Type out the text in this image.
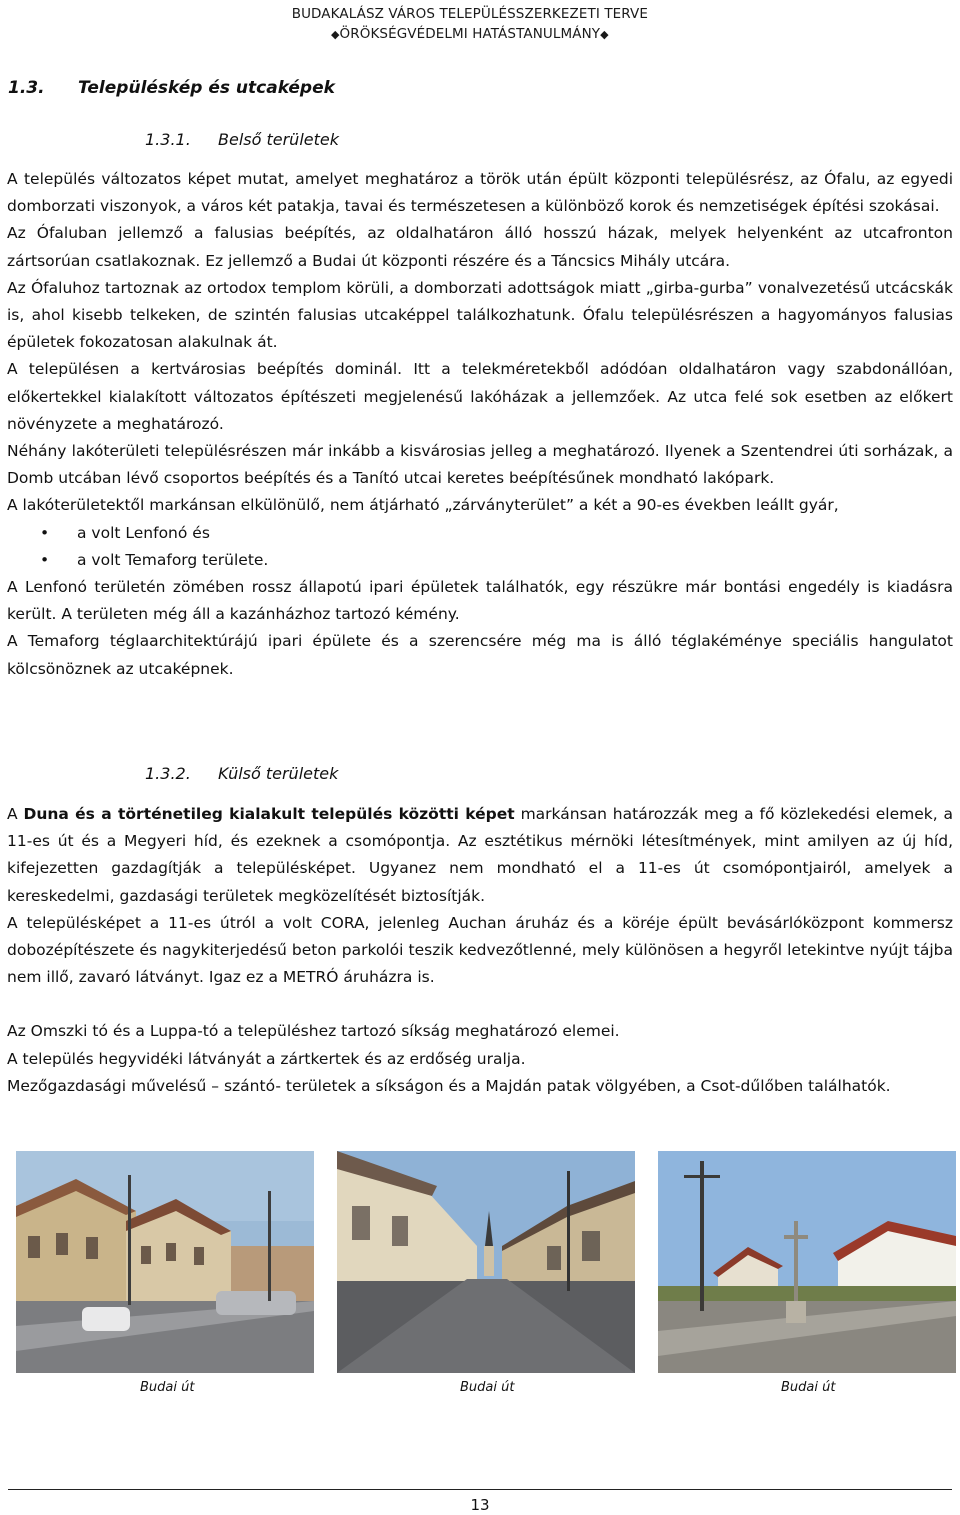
BUDAKALÁSZ VÁROS TELEPÜLÉSSZERKEZETI TERVE
◆ÖRÖKSÉGVÉDELMI HATÁSTANULMÁNY◆
1.3. Településkép és utcaképek
1.3.1. Belső területek

A település változatos képet mutat, amelyet meghatároz a török után épült központi településrész, az Ófalu, az egyedi domborzati viszonyok, a város két patakja, tavai és természetesen a különböző korok és nemzetiségek építési szokásai.

Az Ófaluban jellemző a falusias beépítés, az oldalhatáron álló hosszú házak, melyek helyenként az utcafronton zártsorúan csatlakoznak. Ez jellemző a Budai út központi részére és a Táncsics Mihály utcára.

Az Ófaluhoz tartoznak az ortodox templom körüli, a domborzati adottságok miatt „girba-gurba” vonalvezetésű utcácskák is, ahol kisebb telkeken, de szintén falusias utcaképpel találkozhatunk. Ófalu településrészen a hagyományos falusias épületek fokozatosan alakulnak át.

A településen a kertvárosias beépítés dominál. Itt a telekméretekből adódóan oldalhatáron vagy szabdonállóan, előkertekkel kialakított változatos építészeti megjelenésű lakóházak a jellemzőek. Az utca felé sok esetben az előkert növényzete a meghatározó.

Néhány lakóterületi településrészen már inkább a kisvárosias jelleg a meghatározó. Ilyenek a Szentendrei úti sorházak, a Domb utcában lévő csoportos beépítés és a Tanító utcai keretes beépítésűnek mondható lakópark.

A lakóterületektől markánsan elkülönülő, nem átjárható „zárványterület” a két a 90-es években leállt gyár,

• a volt Lenfonó és
• a volt Temaforg területe.

A Lenfonó területén zömében rossz állapotú ipari épületek találhatók, egy részükre már bontási engedély is kiadásra került. A területen még áll a kazánházhoz tartozó kémény.

A Temaforg téglaarchitektúrájú ipari épülete és a szerencsére még ma is álló téglakéménye speciális hangulatot kölcsönöznek az utcaképnek.

1.3.2. Külső területek

A Duna és a történetileg kialakult település közötti képet markánsan határozzák meg a fő közlekedési elemek, a 11-es út és a Megyeri híd, és ezeknek a csomópontja. Az esztétikus mérnöki létesítmények, mint amilyen az új híd, kifejezetten gazdagítják a településképet. Ugyanez nem mondható el a 11-es út csomópontjairól, amelyek a kereskedelmi, gazdasági területek megközelítését biztosítják.

A településképet a 11-es útról a volt CORA, jelenleg Auchan áruház és a köréje épült bevásárlóközpont kommersz dobozépítészete és nagykiterjedésű beton parkolói teszik kedvezőtlenné, mely különösen a hegyről letekintve nyújt tájba nem illő, zavaró látványt. Igaz ez a METRÓ áruházra is.

Az Omszki tó és a Luppa-tó a településhez tartozó síkság meghatározó elemei.

A település hegyvidéki látványát a zártkertek és az erdőség uralja.

Mezőgazdasági művelésű – szántó- területek a síkságon és a Majdán patak völgyében, a Csot-dűlőben találhatók.

Budai út	Budai út	Budai út
13
